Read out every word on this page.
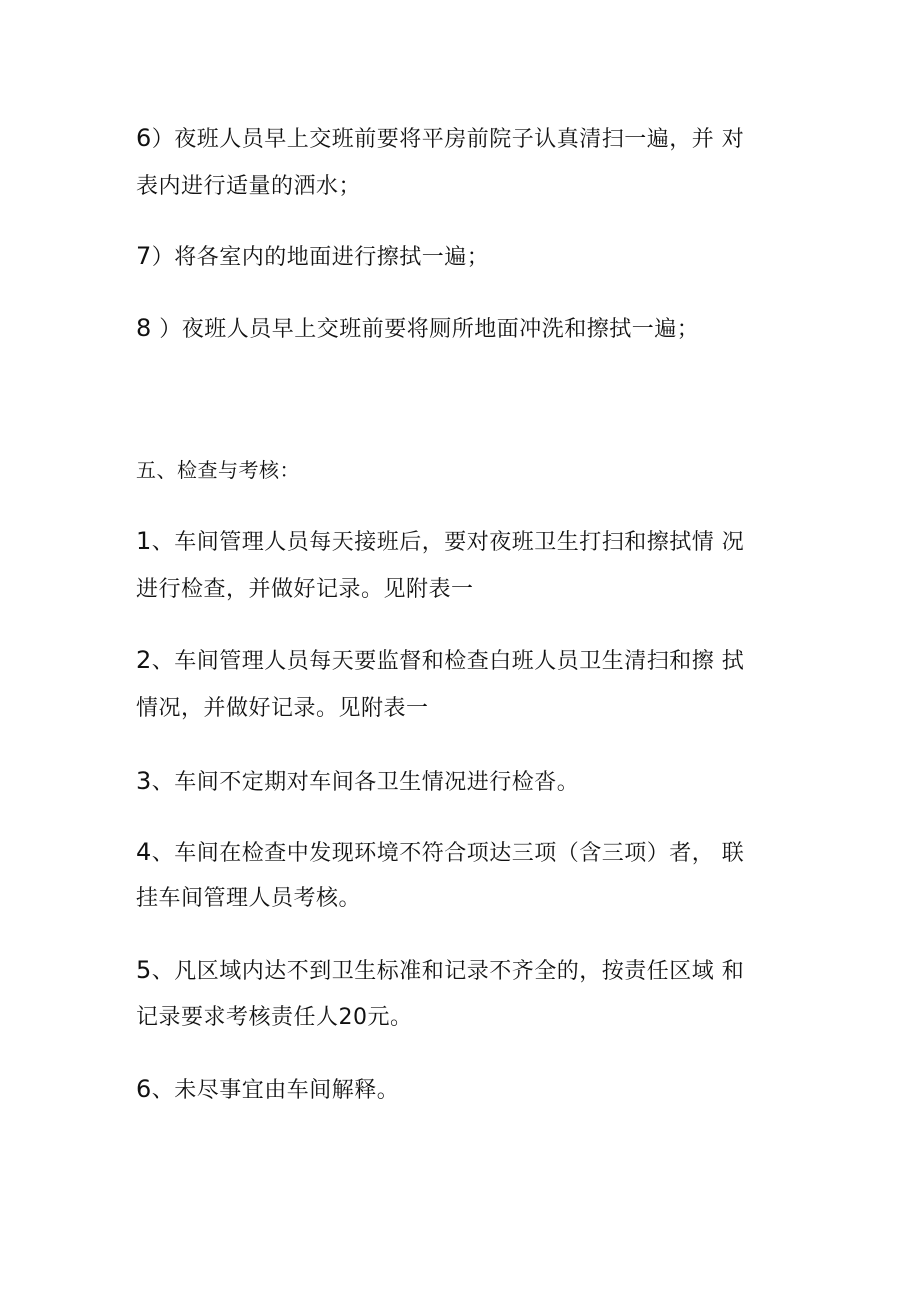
6）夜班人员早上交班前要将平房前院子认真清扫一遍，并 对
表内进行适量的洒水；
7）将各室内的地面进行擦拭一遍；
8 ）夜班人员早上交班前要将厕所地面冲洗和擦拭一遍；
五、检查与考核：
1、车间管理人员每天接班后，要对夜班卫生打扫和擦拭情 况
进行检查，并做好记录。见附表一
2、车间管理人员每天要监督和检查白班人员卫生清扫和擦 拭
情况，并做好记录。见附表一
3、车间不定期对车间各卫生情况进行检沓。
4、车间在检查中发现环境不符合项达三项（含三项）者， 联
挂车间管理人员考核。
5、凡区域内达不到卫生标准和记录不齐全的，按责任区域 和
记录要求考核责任人20元。
6、未尽事宜由车间解释。
